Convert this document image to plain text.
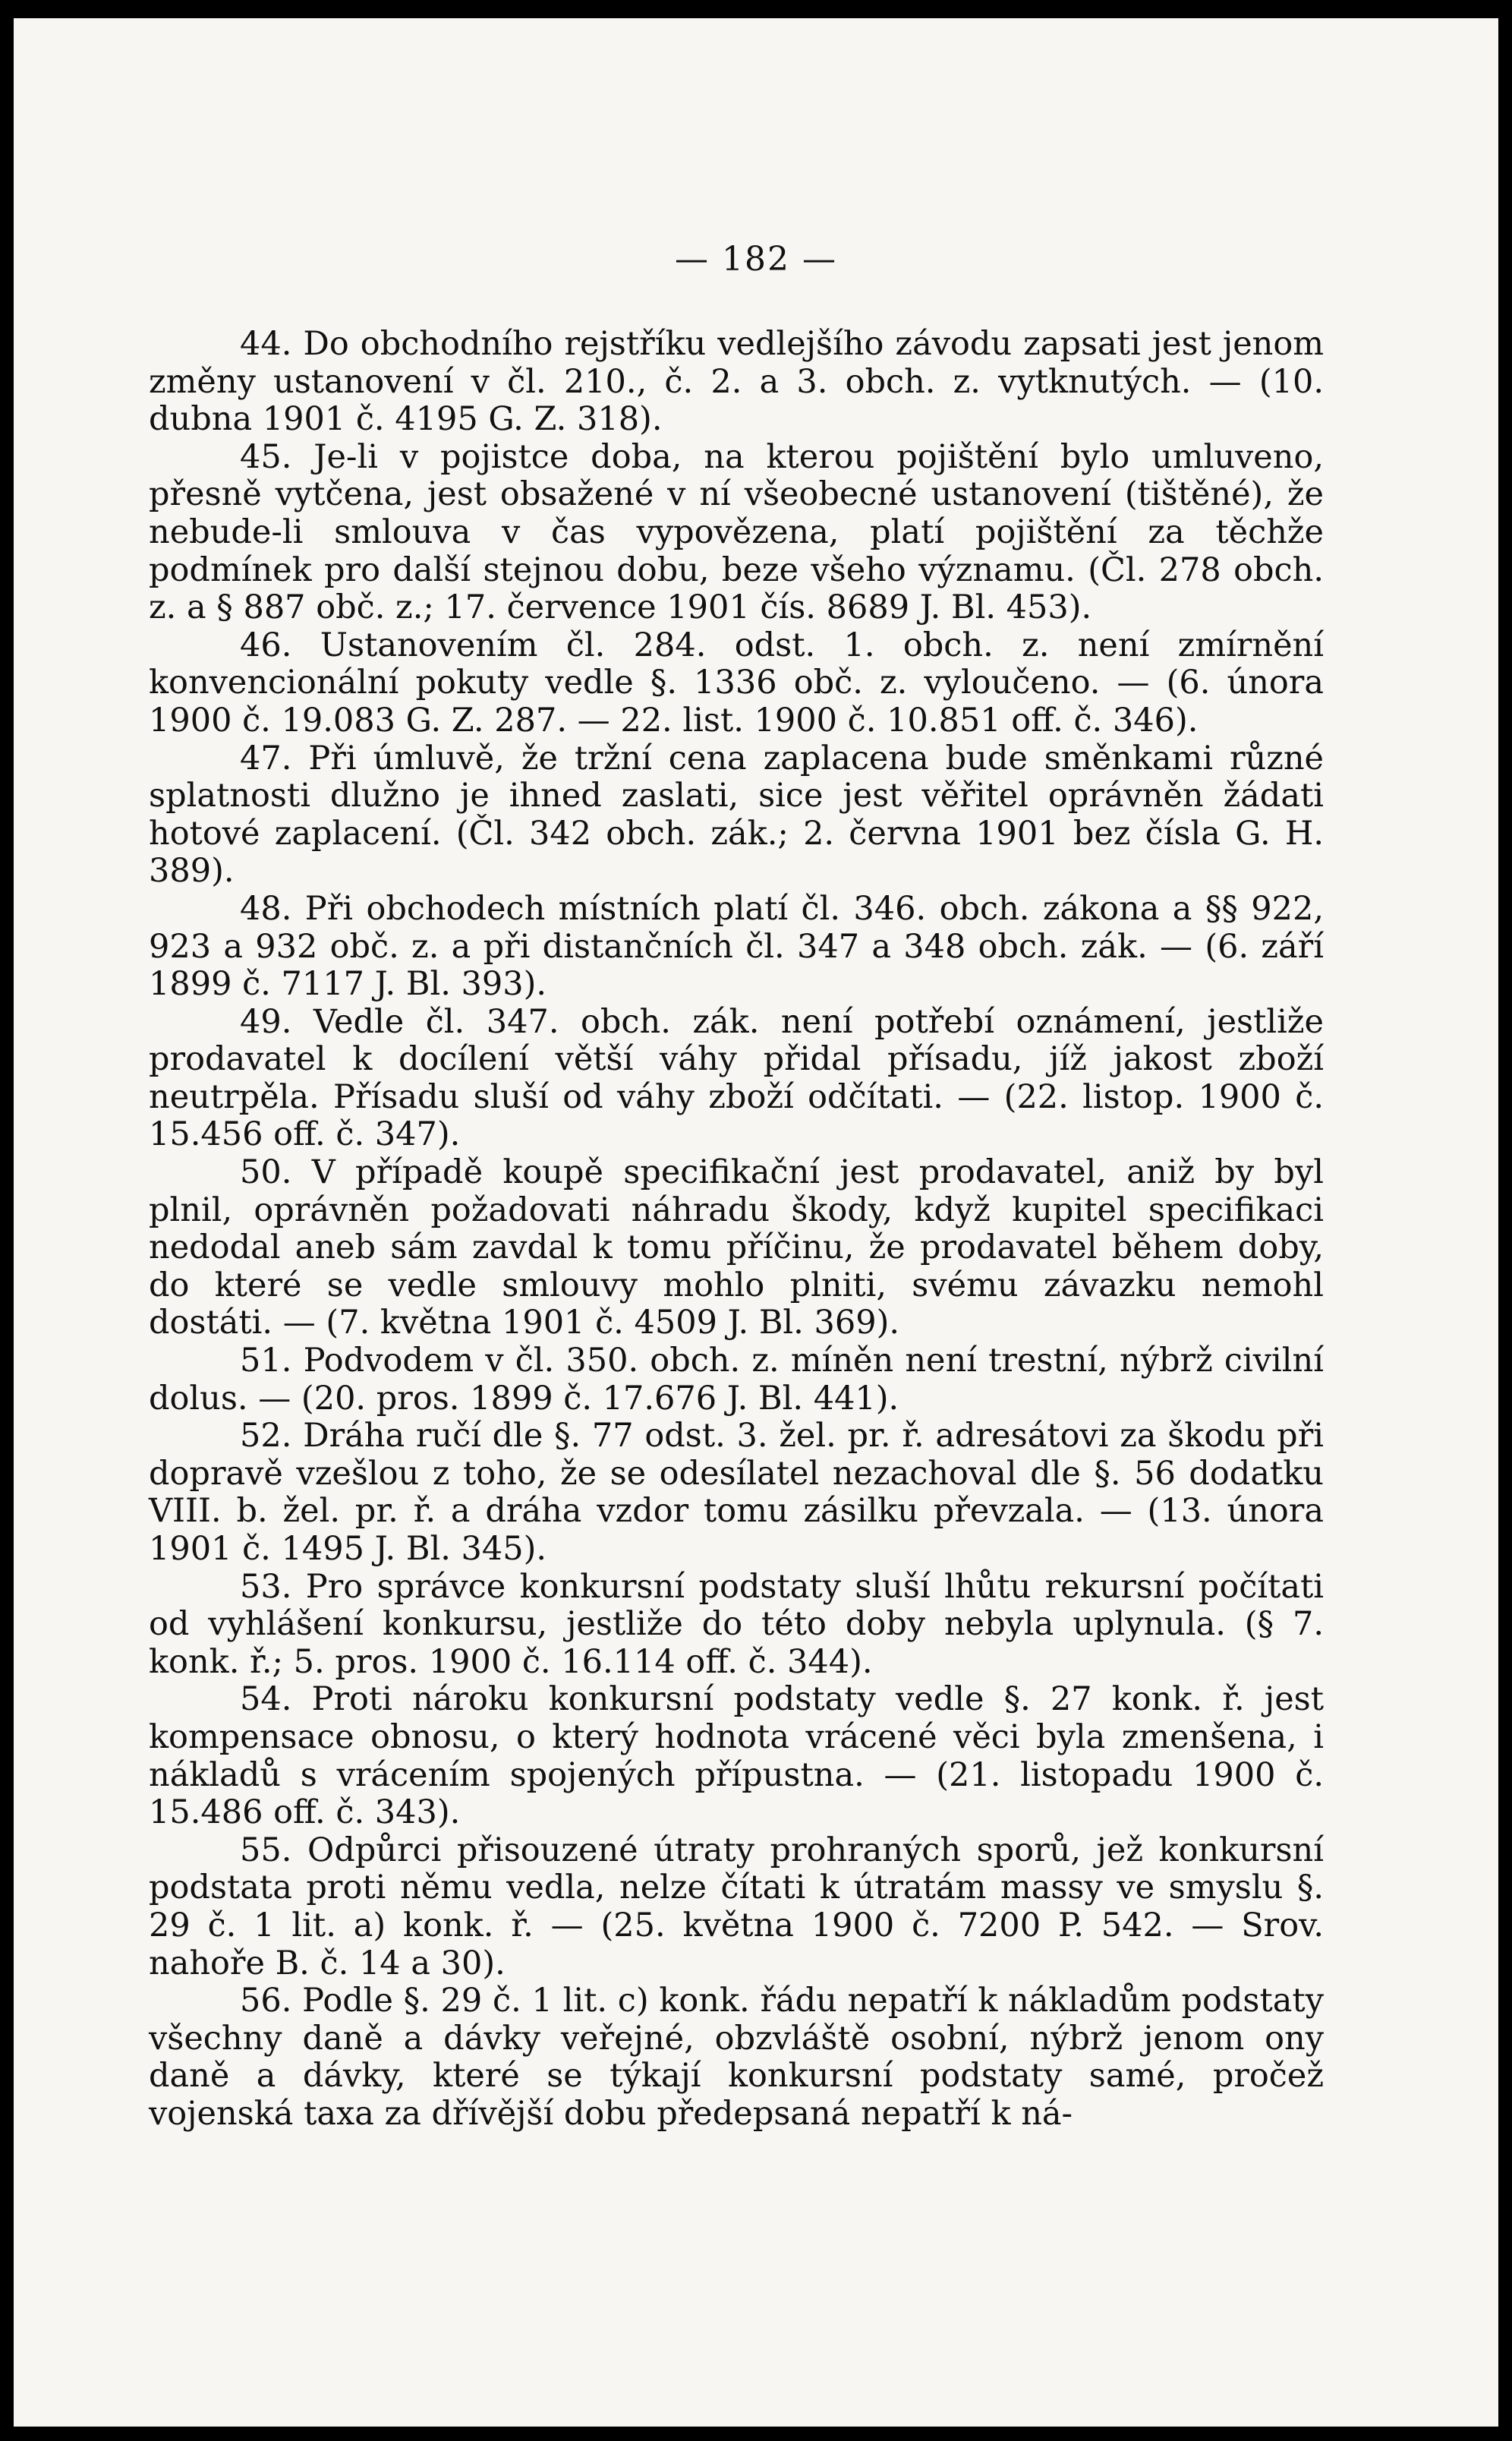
— 182 —

44. Do obchodního rejstříku vedlejšího závodu zapsati jest jenom změny ustanovení v čl. 210., č. 2. a 3. obch. z. vytknutých. — (10. dubna 1901 č. 4195 G. Z. 318).

45. Je-li v pojistce doba, na kterou pojištění bylo umluveno, přesně vytčena, jest obsažené v ní všeobecné ustanovení (tištěné), že nebude-li smlouva v čas vypovězena, platí pojištění za těchže podmínek pro další stejnou dobu, beze všeho významu. (Čl. 278 obch. z. a § 887 obč. z.; 17. července 1901 čís. 8689 J. Bl. 453).

46. Ustanovením čl. 284. odst. 1. obch. z. není zmírnění konvencionální pokuty vedle §. 1336 obč. z. vyloučeno. — (6. února 1900 č. 19.083 G. Z. 287. — 22. list. 1900 č. 10.851 off. č. 346).

47. Při úmluvě, že tržní cena zaplacena bude směnkami různé splatnosti dlužno je ihned zaslati, sice jest věřitel oprávněn žádati hotové zaplacení. (Čl. 342 obch. zák.; 2. června 1901 bez čísla G. H. 389).

48. Při obchodech místních platí čl. 346. obch. zákona a §§ 922, 923 a 932 obč. z. a při distančních čl. 347 a 348 obch. zák. — (6. září 1899 č. 7117 J. Bl. 393).

49. Vedle čl. 347. obch. zák. není potřebí oznámení, jestliže prodavatel k docílení větší váhy přidal přísadu, jíž jakost zboží neutrpěla. Přísadu sluší od váhy zboží odčítati. — (22. listop. 1900 č. 15.456 off. č. 347).

50. V případě koupě specifikační jest prodavatel, aniž by byl plnil, oprávněn požadovati náhradu škody, když kupitel specifikaci nedodal aneb sám zavdal k tomu příčinu, že prodavatel během doby, do které se vedle smlouvy mohlo plniti, svému závazku nemohl dostáti. — (7. května 1901 č. 4509 J. Bl. 369).

51. Podvodem v čl. 350. obch. z. míněn není trestní, nýbrž civilní dolus. — (20. pros. 1899 č. 17.676 J. Bl. 441).

52. Dráha ručí dle §. 77 odst. 3. žel. pr. ř. adresátovi za škodu při dopravě vzešlou z toho, že se odesílatel nezachoval dle §. 56 dodatku VIII. b. žel. pr. ř. a dráha vzdor tomu zásilku převzala. — (13. února 1901 č. 1495 J. Bl. 345).

53. Pro správce konkursní podstaty sluší lhůtu rekursní počítati od vyhlášení konkursu, jestliže do této doby nebyla uplynula. (§ 7. konk. ř.; 5. pros. 1900 č. 16.114 off. č. 344).

54. Proti nároku konkursní podstaty vedle §. 27 konk. ř. jest kompensace obnosu, o který hodnota vrácené věci byla zmenšena, i nákladů s vrácením spojených přípustna. — (21. listopadu 1900 č. 15.486 off. č. 343).

55. Odpůrci přisouzené útraty prohraných sporů, jež konkursní podstata proti němu vedla, nelze čítati k útratám massy ve smyslu §. 29 č. 1 lit. a) konk. ř. — (25. května 1900 č. 7200 P. 542. — Srov. nahoře B. č. 14 a 30).

56. Podle §. 29 č. 1 lit. c) konk. řádu nepatří k nákladům podstaty všechny daně a dávky veřejné, obzvláště osobní, nýbrž jenom ony daně a dávky, které se týkají konkursní podstaty samé, pročež vojenská taxa za dřívější dobu předepsaná nepatří k ná-
